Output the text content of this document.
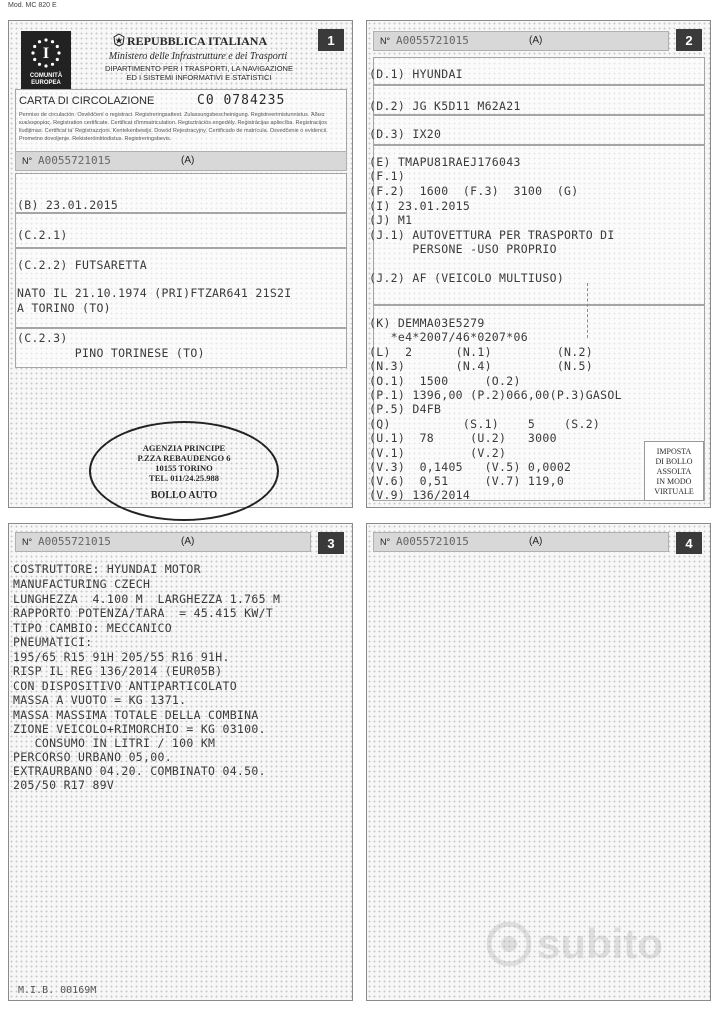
Mod. MC 820 E
I
COMUNITÀ EUROPEA
REPUBBLICA ITALIANA
Ministero delle Infrastrutture e dei Trasporti
DIPARTIMENTO PER I TRASPORTI, LA NAVIGAZIONE
ED I SISTEMI INFORMATIVI E STATISTICI
1
CARTA DI CIRCOLAZIONE	C0 0784235
Permiso de circulación. Osvědčení o registraci. Registreringsattest. Zulassungsbescheinigung. Registreerimistunnistus. Άδεια κυκλοφορίας. Registration certificate. Certificat d'immatriculation. Regisztrációs engedély. Reģistrācijas apliecība. Registracijos liudijimas. Certificat ta' Reġistrazzjoni. Kentekenbewijs. Dowód Rejestracyjny. Certificado de matrícula. Osvedčenie o evidencii. Prometno dovoljenje. Rekisteröintitodistus. Registreringsbevis.
N° A0055721015	(A)
(B) 23.01.2015
(C.2.1)
(C.2.2) FUTSARETTA
NATO IL 21.10.1974 (PRI)FTZAR641 21S2I
A TORINO (TO)
(C.2.3)
PINO TORINESE (TO)
AGENZIA PRINCIPE
P.ZZA REBAUDENGO 6
10155 TORINO
TEL. 011/24.25.988
BOLLO AUTO
N° A0055721015	(A)	2
(D.1) HYUNDAI
(D.2) JG K5D11 M62A21
(D.3) IX20
(E) TMAPU81RAEJ176043
(F.1)
(F.2)  1600  (F.3)  3100  (G)
(I) 23.01.2015
(J) M1
(J.1) AUTOVETTURA PER TRASPORTO DI
PERSONE -USO PROPRIO
(J.2) AF (VEICOLO MULTIUSO)
(K) DEMMA03E5279
*e4*2007/46*0207*06
(L)  2      (N.1)         (N.2)
(N.3)       (N.4)         (N.5)
(O.1)  1500     (O.2)
(P.1) 1396,00 (P.2)066,00(P.3)GASOL
(P.5) D4FB
(Q)          (S.1)    5    (S.2)
(U.1)  78     (U.2)   3000
(V.1)         (V.2)
(V.3)  0,1405   (V.5) 0,0002
(V.6)  0,51     (V.7) 119,0
(V.9) 136/2014
IMPOSTA
DI BOLLO
ASSOLTA
IN MODO
VIRTUALE
N° A0055721015	(A)	3
COSTRUTTORE: HYUNDAI MOTOR
MANUFACTURING CZECH
LUNGHEZZA  4.100 M  LARGHEZZA 1.765 M
RAPPORTO POTENZA/TARA  = 45.415 KW/T
TIPO CAMBIO: MECCANICO
PNEUMATICI:
195/65 R15 91H 205/55 R16 91H.
RISP IL REG 136/2014 (EUR05B)
CON DISPOSITIVO ANTIPARTICOLATO
MASSA A VUOTO = KG 1371.
MASSA MASSIMA TOTALE DELLA COMBINA
ZIONE VEICOLO+RIMORCHIO = KG 03100.
CONSUMO IN LITRI / 100 KM
PERCORSO URBANO 05,00.
EXTRAURBANO 04.20. COMBINATO 04.50.
205/50 R17 89V
M.I.B. 00169M
N° A0055721015	(A)	4
subito
